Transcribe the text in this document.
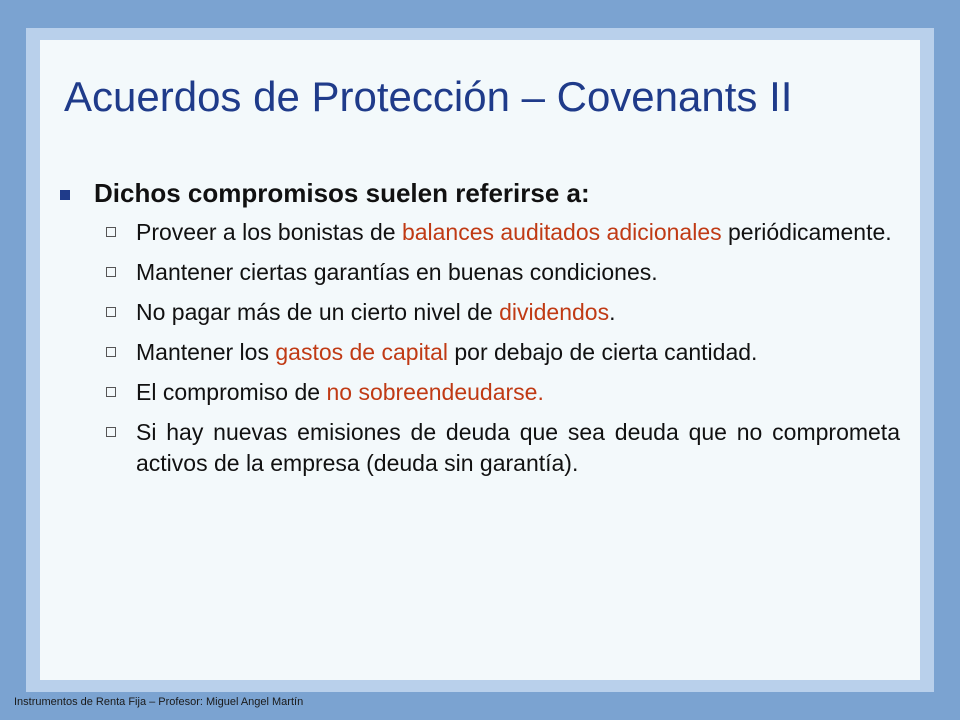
Acuerdos de Protección – Covenants II
Dichos compromisos suelen referirse a:
Proveer a los bonistas de balances auditados adicionales periódicamente.
Mantener ciertas garantías en buenas condiciones.
No pagar más de un cierto nivel de dividendos.
Mantener los gastos de capital por debajo de cierta cantidad.
El compromiso de no sobreendeudarse.
Si hay nuevas emisiones de deuda que sea deuda que no comprometa activos de la empresa (deuda sin garantía).
Instrumentos de Renta Fija – Profesor: Miguel Angel Martín
